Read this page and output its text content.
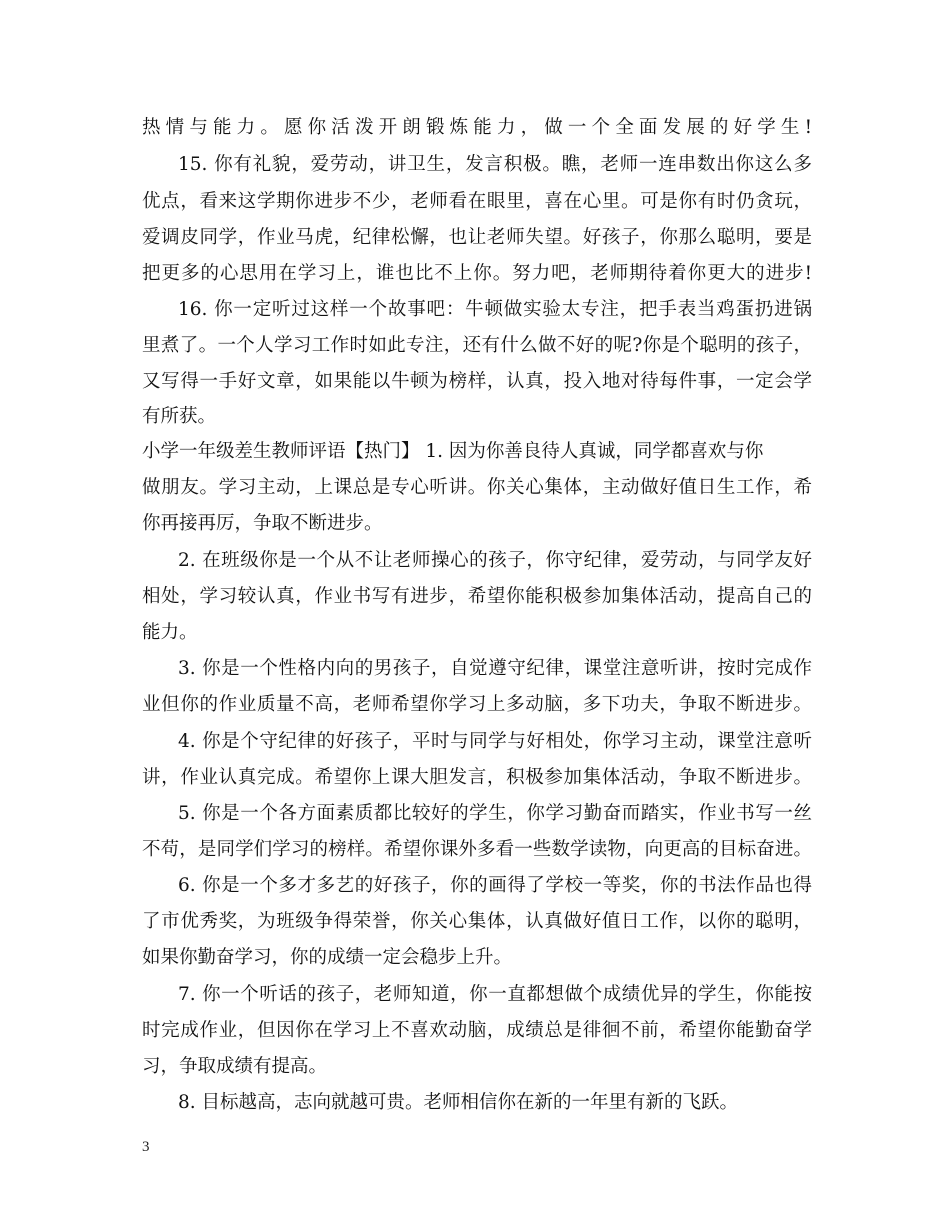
热情与能力。愿你活泼开朗锻炼能力，做一个全面发展的好学生!
15. 你有礼貌，爱劳动，讲卫生，发言积极。瞧，老师一连串数出你这么多
优点，看来这学期你进步不少，老师看在眼里，喜在心里。可是你有时仍贪玩，
爱调皮同学，作业马虎，纪律松懈，也让老师失望。好孩子，你那么聪明，要是
把更多的心思用在学习上，谁也比不上你。努力吧，老师期待着你更大的进步!
16. 你一定听过这样一个故事吧：牛顿做实验太专注，把手表当鸡蛋扔进锅
里煮了。一个人学习工作时如此专注，还有什么做不好的呢?你是个聪明的孩子，
又写得一手好文章，如果能以牛顿为榜样，认真，投入地对待每件事，一定会学
有所获。
小学一年级差生教师评语【热门】 1. 因为你善良待人真诚，同学都喜欢与你
做朋友。学习主动，上课总是专心听讲。你关心集体，主动做好值日生工作，希
你再接再厉，争取不断进步。
2. 在班级你是一个从不让老师操心的孩子，你守纪律，爱劳动，与同学友好
相处，学习较认真，作业书写有进步，希望你能积极参加集体活动，提高自己的
能力。
3. 你是一个性格内向的男孩子，自觉遵守纪律，课堂注意听讲，按时完成作
业但你的作业质量不高，老师希望你学习上多动脑，多下功夫，争取不断进步。
4. 你是个守纪律的好孩子，平时与同学与好相处，你学习主动，课堂注意听
讲，作业认真完成。希望你上课大胆发言，积极参加集体活动，争取不断进步。
5. 你是一个各方面素质都比较好的学生，你学习勤奋而踏实，作业书写一丝
不苟，是同学们学习的榜样。希望你课外多看一些数学读物，向更高的目标奋进。
6. 你是一个多才多艺的好孩子，你的画得了学校一等奖，你的书法作品也得
了市优秀奖，为班级争得荣誉，你关心集体，认真做好值日工作，以你的聪明，
如果你勤奋学习，你的成绩一定会稳步上升。
7. 你一个听话的孩子，老师知道，你一直都想做个成绩优异的学生，你能按
时完成作业，但因你在学习上不喜欢动脑，成绩总是徘徊不前，希望你能勤奋学
习，争取成绩有提高。
8. 目标越高，志向就越可贵。老师相信你在新的一年里有新的飞跃。
3
